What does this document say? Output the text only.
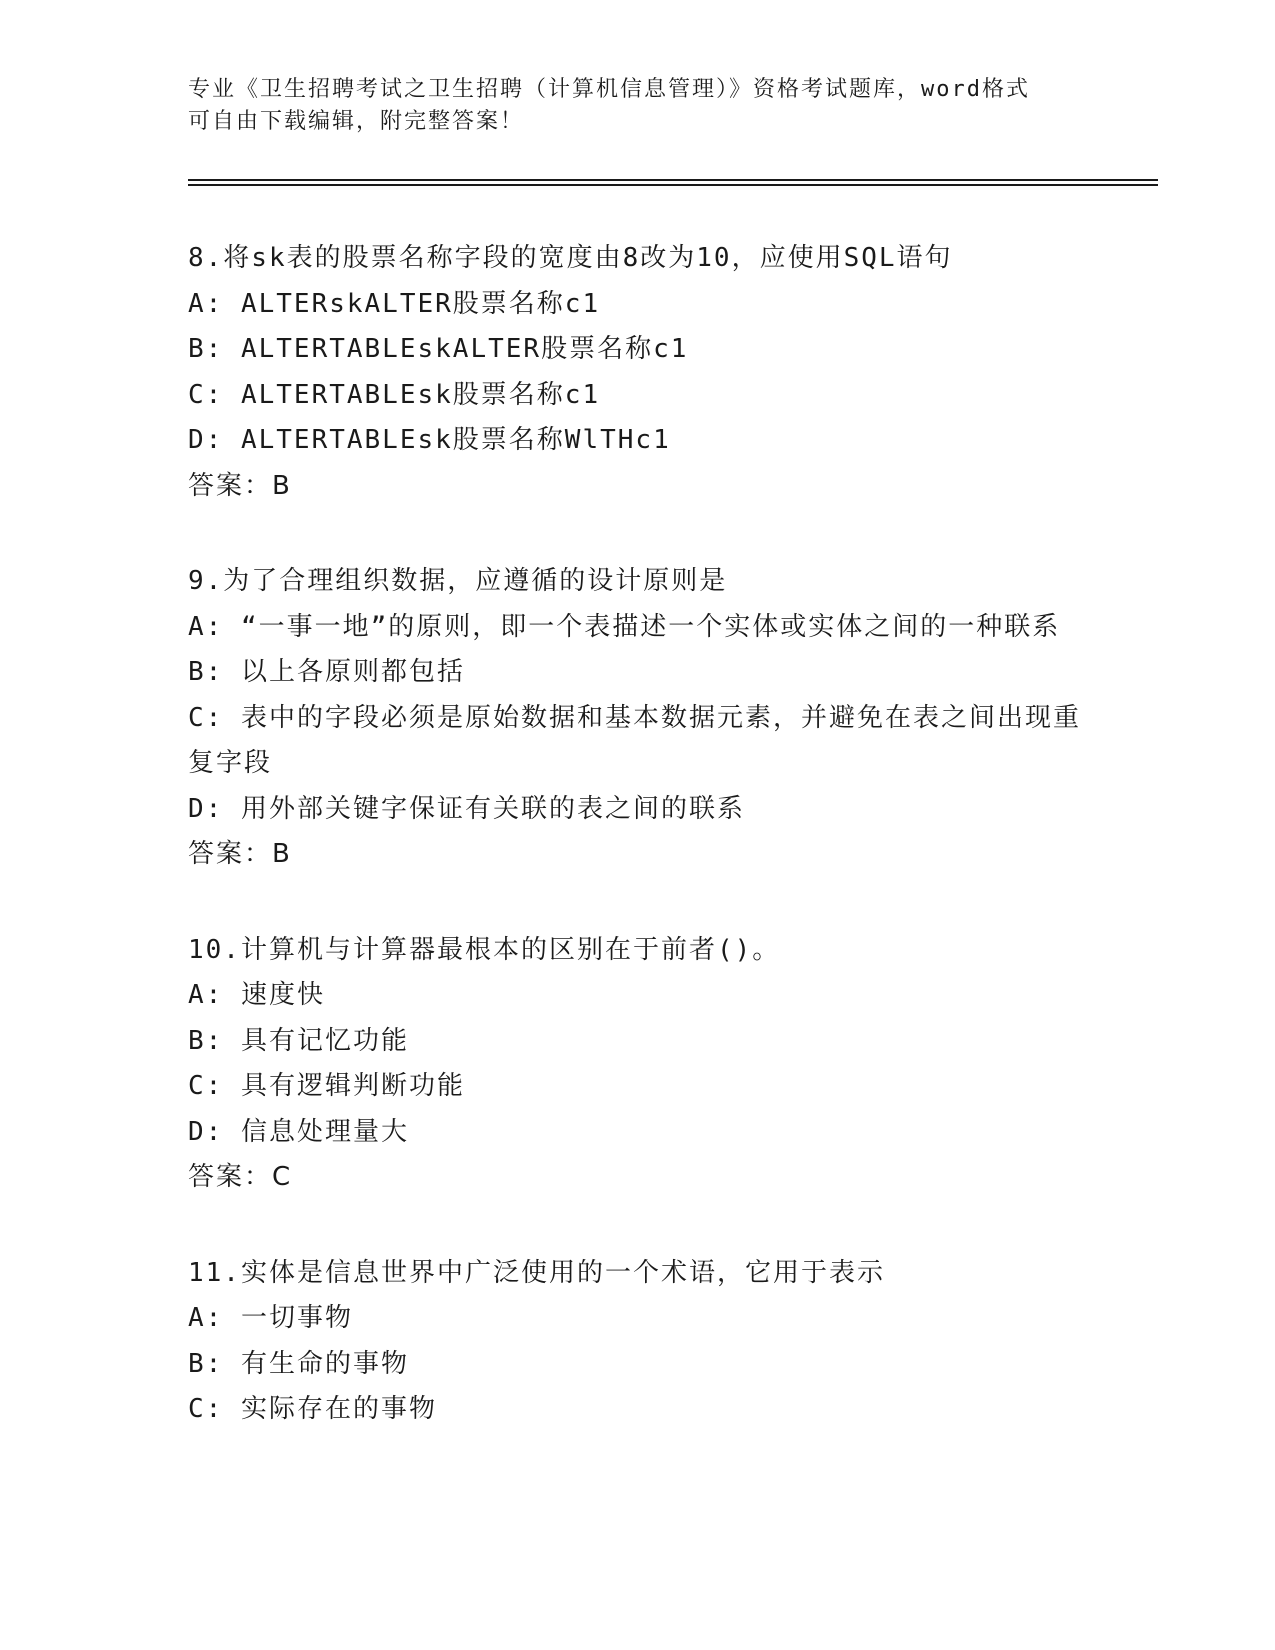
专业《卫生招聘考试之卫生招聘（计算机信息管理）》资格考试题库，word格式
可自由下载编辑，附完整答案！
8.将sk表的股票名称字段的宽度由8改为10，应使用SQL语句
A: ALTERskALTER股票名称c1
B: ALTERTABLEskALTER股票名称c1
C: ALTERTABLEsk股票名称c1
D: ALTERTABLEsk股票名称WlTHc1
答案：B
9.为了合理组织数据，应遵循的设计原则是
A: “一事一地”的原则，即一个表描述一个实体或实体之间的一种联系
B: 以上各原则都包括
C: 表中的字段必须是原始数据和基本数据元素，并避免在表之间出现重复字段
D: 用外部关键字保证有关联的表之间的联系
答案：B
10.计算机与计算器最根本的区别在于前者()。
A: 速度快
B: 具有记忆功能
C: 具有逻辑判断功能
D: 信息处理量大
答案：C
11.实体是信息世界中广泛使用的一个术语，它用于表示
A: 一切事物
B: 有生命的事物
C: 实际存在的事物
